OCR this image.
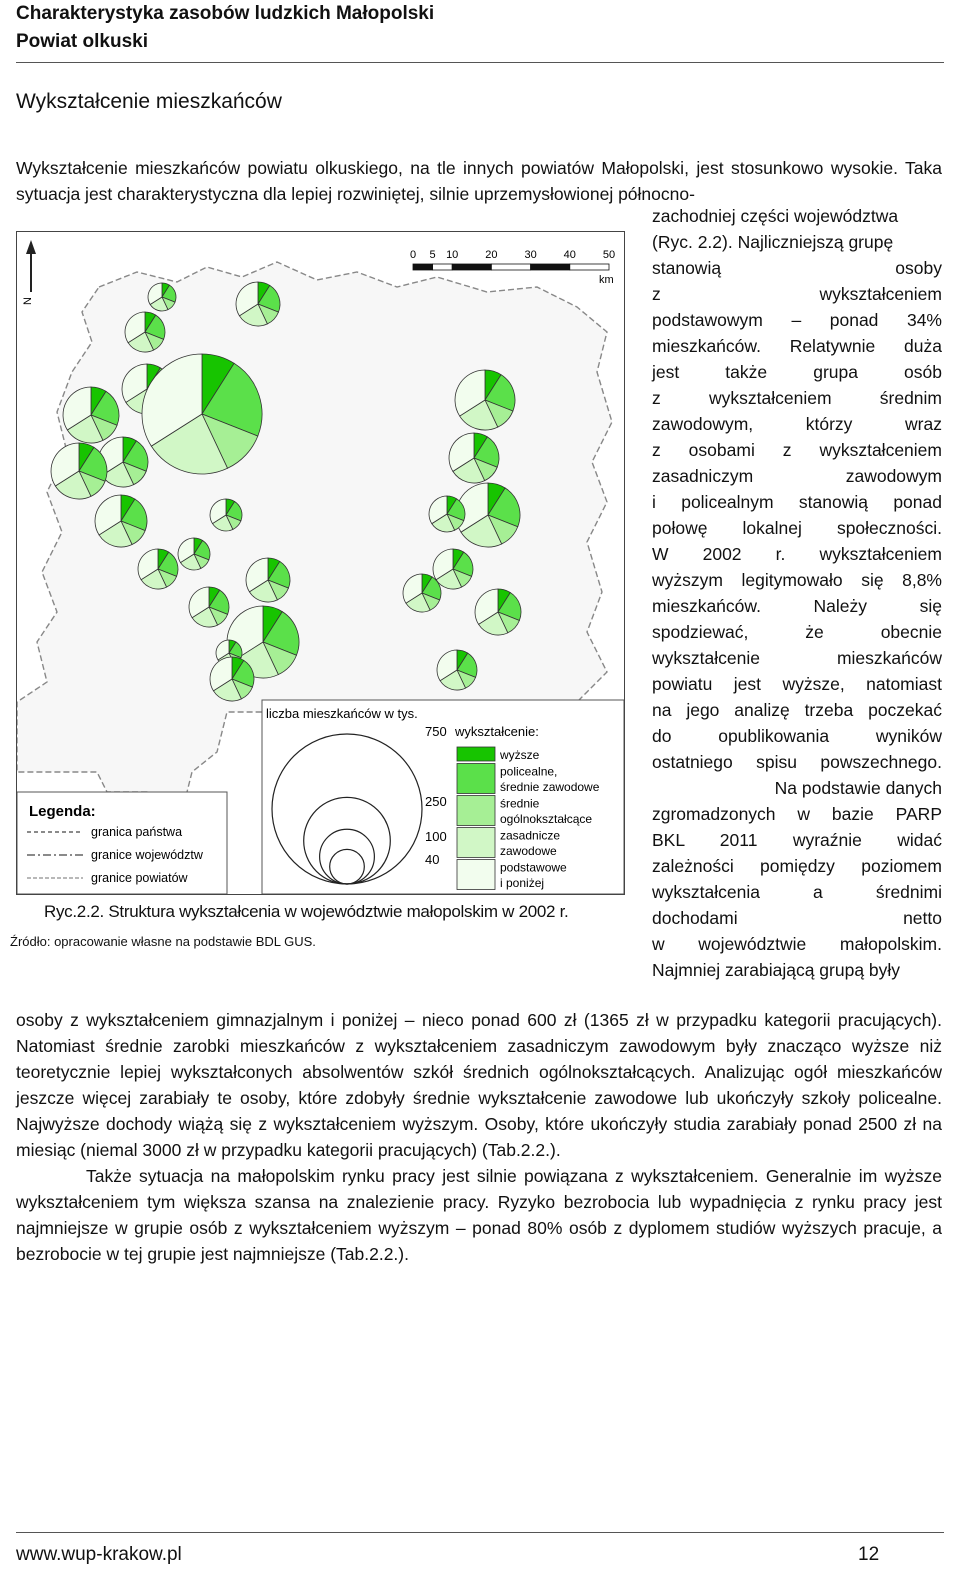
Charakterystyka zasobów ludzkich Małopolski
Powiat olkuski
Wykształcenie mieszkańców
Wykształcenie mieszkańców powiatu olkuskiego, na tle innych powiatów Małopolski, jest stosunkowo wysokie. Taka sytuacja jest charakterystyczna dla lepiej rozwiniętej, silnie uprzemysłowionej północno-
zachodniej części województwa
(Ryc. 2.2). Najliczniejszą grupę
stanowią osoby
z wykształceniem
podstawowym – ponad 34%
mieszkańców. Relatywnie duża
jest także grupa osób
z wykształceniem średnim
zawodowym, którzy wraz
z osobami z wykształceniem
zasadniczym zawodowym
i policealnym stanowią ponad
połowę lokalnej społeczności.
W 2002 r. wykształceniem
wyższym legitymowało się 8,8%
mieszkańców. Należy się
spodziewać, że obecnie
wykształcenie mieszkańców
powiatu jest wyższe, natomiast
na jego analizę trzeba poczekać
do opublikowania wyników
ostatniego spisu powszechnego.
Na podstawie danych
zgromadzonych w bazie PARP
BKL 2011 wyraźnie widać
zależności pomiędzy poziomem
wykształcenia a średnimi
dochodami netto
w województwie małopolskim.
Najmniej zarabiającą grupą były
N
0 5 10 20 30 40 50
km
liczba mieszkańców w tys.
750
250
100
40
wykształcenie:
wyższe
policealne,
średnie zawodowe
średnie
ogólnokształcące
zasadnicze
zawodowe
podstawowe
i poniżej
Legenda:
granica państwa
granice województw
granice powiatów
Ryc.2.2. Struktura wykształcenia w województwie małopolskim w 2002 r.
Źródło: opracowanie własne na podstawie BDL GUS.

osoby z wykształceniem gimnazjalnym i poniżej – nieco ponad 600 zł (1365 zł w przypadku kategorii pracujących). Natomiast średnie zarobki mieszkańców z wykształceniem zasadniczym zawodowym były znacząco wyższe niż teoretycznie lepiej wykształconych absolwentów szkół średnich ogólnokształcących. Analizując ogół mieszkańców jeszcze więcej zarabiały te osoby, które zdobyły średnie wykształcenie zawodowe lub ukończyły szkoły policealne. Najwyższe dochody wiążą się z wykształceniem wyższym. Osoby, które ukończyły studia zarabiały ponad 2500 zł na miesiąc (niemal 3000 zł w przypadku kategorii pracujących) (Tab.2.2.).

Także sytuacja na małopolskim rynku pracy jest silnie powiązana z wykształceniem. Generalnie im wyższe wykształceniem tym większa szansa na znalezienie pracy. Ryzyko bezrobocia lub wypadnięcia z rynku pracy jest najmniejsze w grupie osób z wykształceniem wyższym – ponad 80% osób z dyplomem studiów wyższych pracuje, a bezrobocie w tej grupie jest najmniejsze (Tab.2.2.).

www.wup-krakow.pl	12
